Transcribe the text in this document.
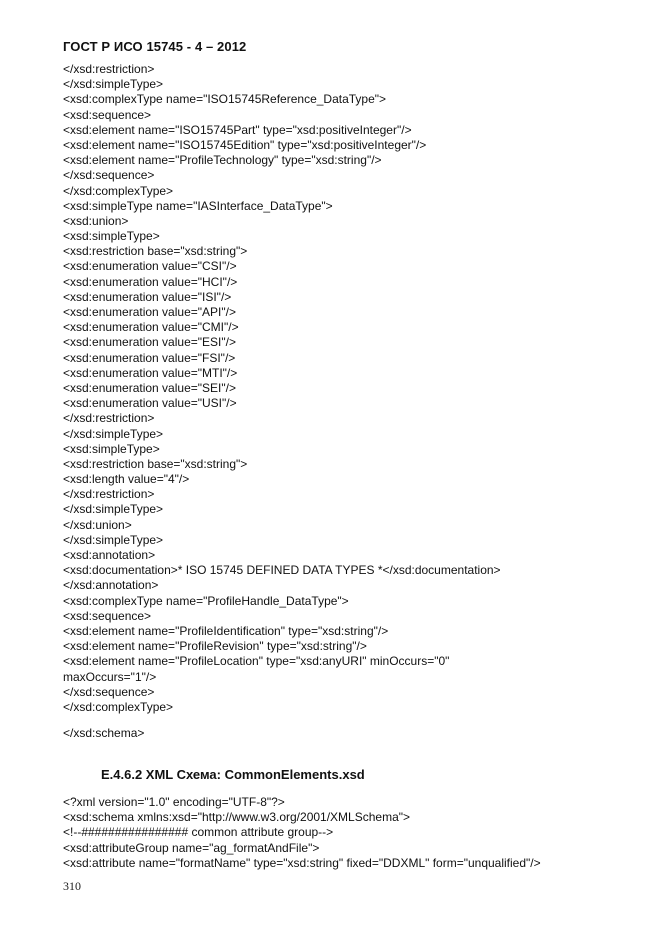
ГОСТ Р ИСО 15745 - 4 – 2012
</xsd:restriction>
</xsd:simpleType>
<xsd:complexType name="ISO15745Reference_DataType">
<xsd:sequence>
<xsd:element name="ISO15745Part" type="xsd:positiveInteger"/>
<xsd:element name="ISO15745Edition" type="xsd:positiveInteger"/>
<xsd:element name="ProfileTechnology" type="xsd:string"/>
</xsd:sequence>
</xsd:complexType>
<xsd:simpleType name="IASInterface_DataType">
<xsd:union>
<xsd:simpleType>
<xsd:restriction base="xsd:string">
<xsd:enumeration value="CSI"/>
<xsd:enumeration value="HCI"/>
<xsd:enumeration value="ISI"/>
<xsd:enumeration value="API"/>
<xsd:enumeration value="CMI"/>
<xsd:enumeration value="ESI"/>
<xsd:enumeration value="FSI"/>
<xsd:enumeration value="MTI"/>
<xsd:enumeration value="SEI"/>
<xsd:enumeration value="USI"/>
</xsd:restriction>
</xsd:simpleType>
<xsd:simpleType>
<xsd:restriction base="xsd:string">
<xsd:length value="4"/>
</xsd:restriction>
</xsd:simpleType>
</xsd:union>
</xsd:simpleType>
<xsd:annotation>
<xsd:documentation>* ISO 15745 DEFINED DATA TYPES *</xsd:documentation>
</xsd:annotation>
<xsd:complexType name="ProfileHandle_DataType">
<xsd:sequence>
<xsd:element name="ProfileIdentification" type="xsd:string"/>
<xsd:element name="ProfileRevision" type="xsd:string"/>
<xsd:element name="ProfileLocation" type="xsd:anyURI" minOccurs="0"
maxOccurs="1"/>
</xsd:sequence>
</xsd:complexType>
</xsd:schema>
E.4.6.2 XML Схема: CommonElements.xsd
<?xml version="1.0" encoding="UTF-8"?>
<xsd:schema xmlns:xsd="http://www.w3.org/2001/XMLSchema">
<!--################ common attribute group-->
<xsd:attributeGroup name="ag_formatAndFile">
<xsd:attribute name="formatName" type="xsd:string" fixed="DDXML" form="unqualified"/>
310
